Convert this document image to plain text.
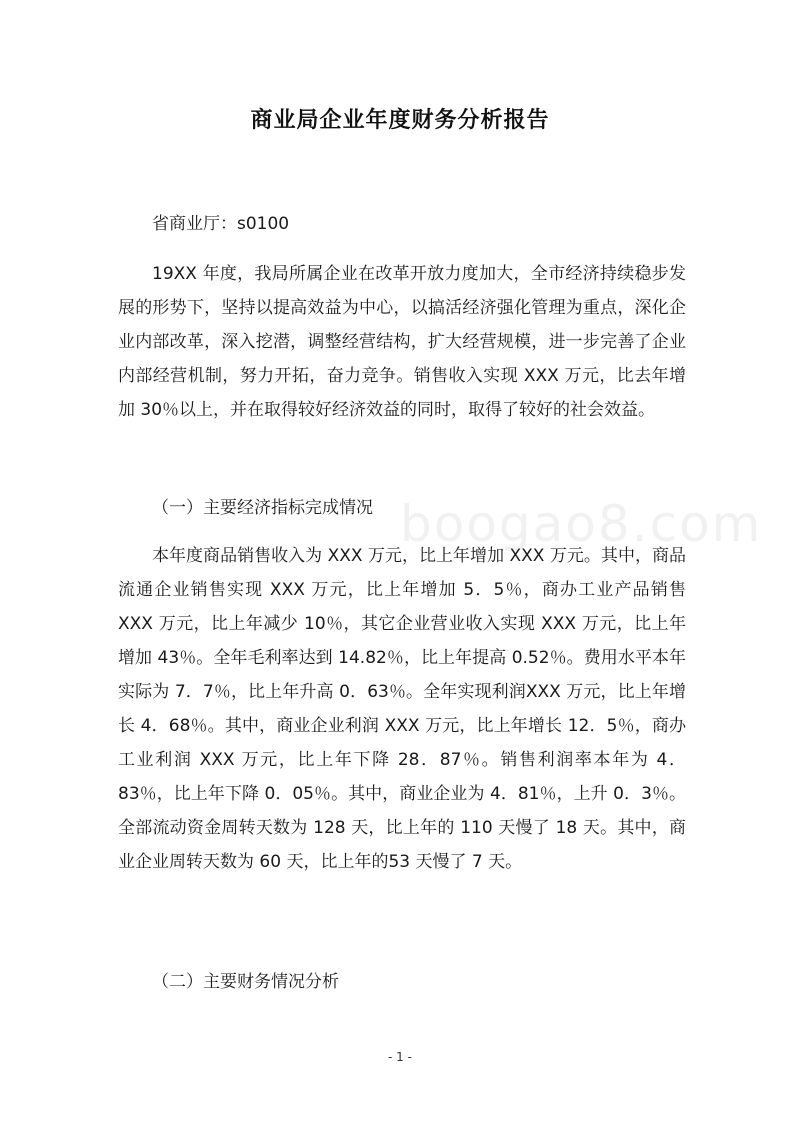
商业局企业年度财务分析报告
省商业厅：s0100
19XX 年度，我局所属企业在改革开放力度加大，全市经济持续稳步发展的形势下，坚持以提高效益为中心，以搞活经济强化管理为重点，深化企业内部改革，深入挖潜，调整经营结构，扩大经营规模，进一步完善了企业内部经营机制，努力开拓，奋力竞争。销售收入实现 XXX 万元，比去年增加 30％以上，并在取得较好经济效益的同时，取得了较好的社会效益。
（一）主要经济指标完成情况
本年度商品销售收入为 XXX 万元，比上年增加 XXX 万元。其中，商品流通企业销售实现 XXX 万元，比上年增加 5．5％，商办工业产品销售 XXX 万元，比上年减少 10％，其它企业营业收入实现 XXX 万元，比上年增加 43％。全年毛利率达到 14.82％，比上年提高 0.52％。费用水平本年实际为 7．7％，比上年升高 0．63％。全年实现利润XXX 万元，比上年增长 4．68％。其中，商业企业利润 XXX 万元，比上年增长 12．5％，商办工业利润 XXX 万元，比上年下降 28．87％。销售利润率本年为 4．83％，比上年下降 0．05％。其中，商业企业为 4．81％，上升 0．3％。全部流动资金周转天数为 128 天，比上年的 110 天慢了 18 天。其中，商业企业周转天数为 60 天，比上年的53 天慢了 7 天。
（二）主要财务情况分析
boogao8.com
- 1 -
